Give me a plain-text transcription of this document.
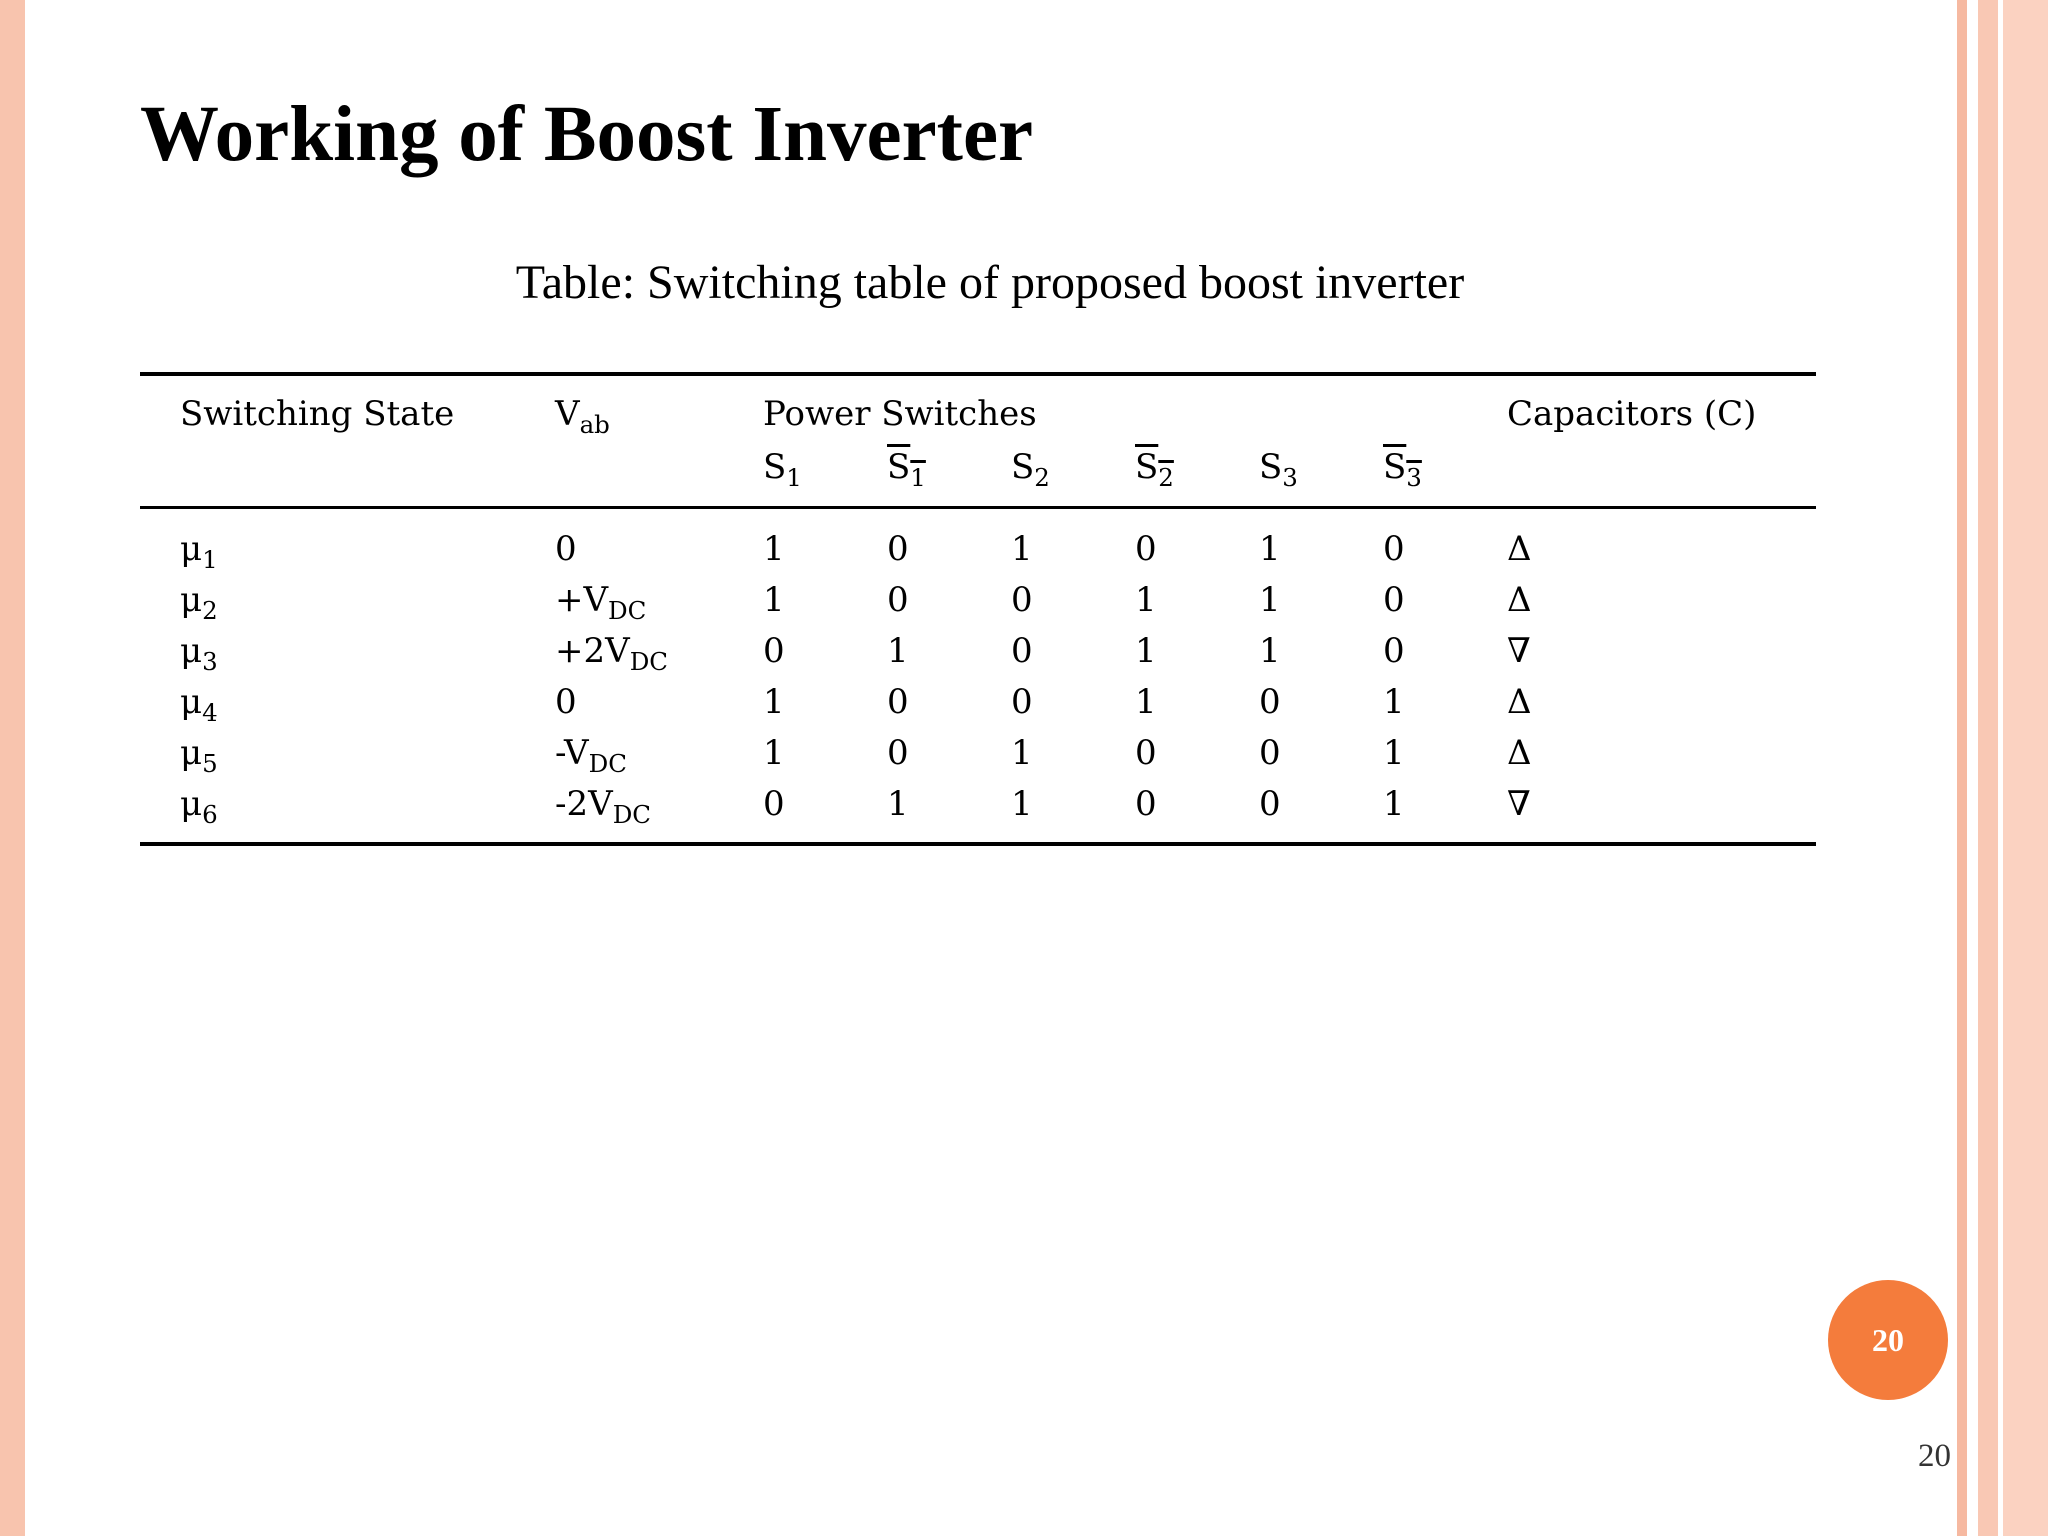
Working of Boost Inverter
Table: Switching table of proposed boost inverter
Switching State	$V_{ab}$	Power Switches	Capacitors (C)
$S_1$	$S_1$	$S_2$	$S_2$	$S_3$	$S_3$
$\mu_1$	0	1	0	1	0	1	0	Δ
$\mu_2$	$+V_{DC}$	1	0	0	1	1	0	Δ
$\mu_3$	$+2V_{DC}$	0	1	0	1	1	0	∇
$\mu_4$	0	1	0	0	1	0	1	Δ
$\mu_5$	$-V_{DC}$	1	0	1	0	0	1	Δ
$\mu_6$	$-2V_{DC}$	0	1	1	0	0	1	∇
20
20
